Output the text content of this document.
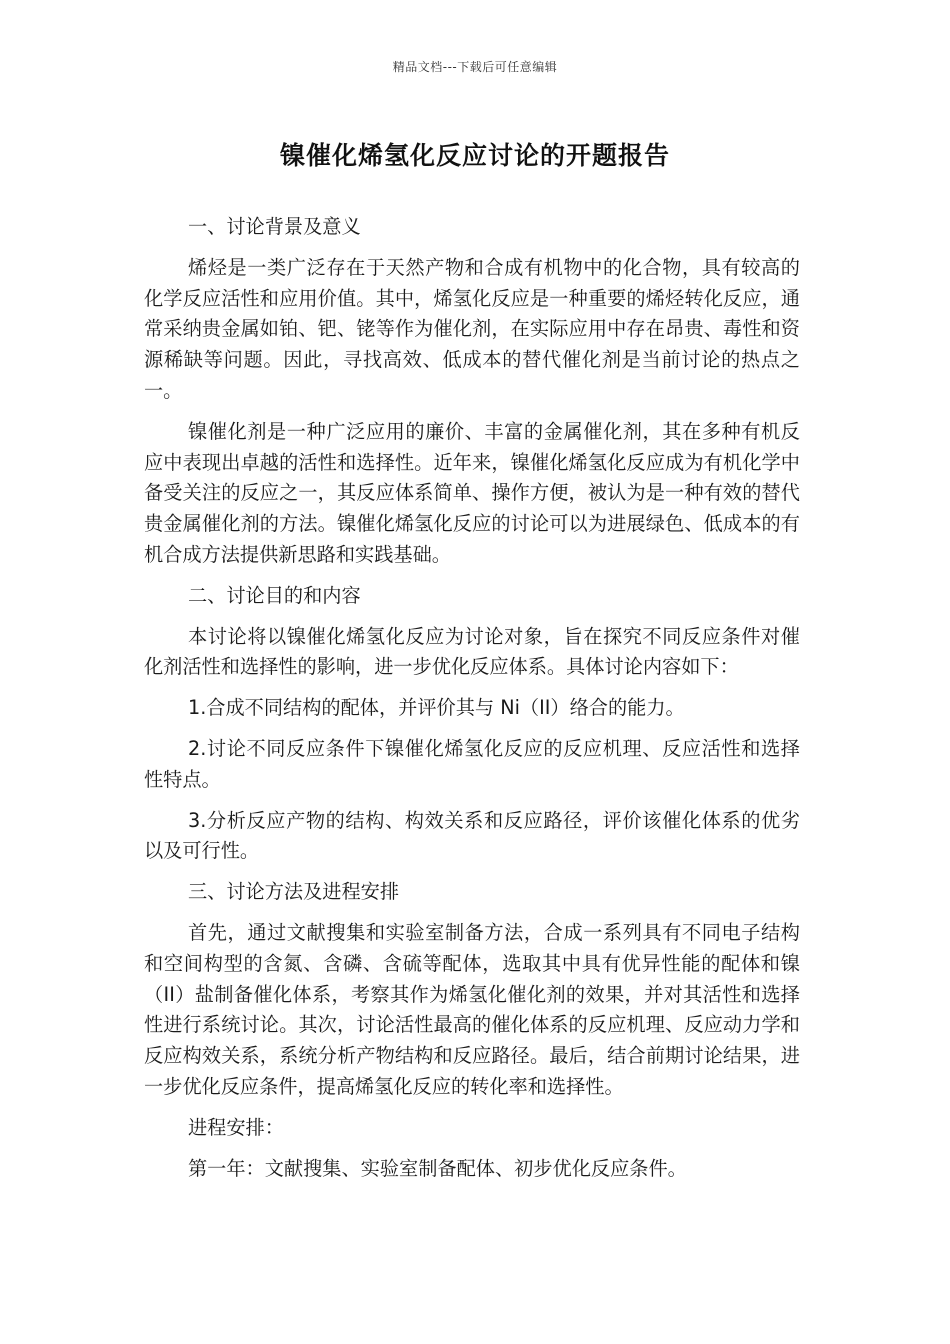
精品文档---下载后可任意编辑
镍催化烯氢化反应讨论的开题报告

一、讨论背景及意义

烯烃是一类广泛存在于天然产物和合成有机物中的化合物，具有较高的化学反应活性和应用价值。其中，烯氢化反应是一种重要的烯烃转化反应，通常采纳贵金属如铂、钯、铑等作为催化剂，在实际应用中存在昂贵、毒性和资源稀缺等问题。因此，寻找高效、低成本的替代催化剂是当前讨论的热点之一。

镍催化剂是一种广泛应用的廉价、丰富的金属催化剂，其在多种有机反应中表现出卓越的活性和选择性。近年来，镍催化烯氢化反应成为有机化学中备受关注的反应之一，其反应体系简单、操作方便，被认为是一种有效的替代贵金属催化剂的方法。镍催化烯氢化反应的讨论可以为进展绿色、低成本的有机合成方法提供新思路和实践基础。

二、讨论目的和内容

本讨论将以镍催化烯氢化反应为讨论对象，旨在探究不同反应条件对催化剂活性和选择性的影响，进一步优化反应体系。具体讨论内容如下：

1.合成不同结构的配体，并评价其与 Ni（II）络合的能力。

2.讨论不同反应条件下镍催化烯氢化反应的反应机理、反应活性和选择性特点。

3.分析反应产物的结构、构效关系和反应路径，评价该催化体系的优劣以及可行性。

三、讨论方法及进程安排

首先，通过文献搜集和实验室制备方法，合成一系列具有不同电子结构和空间构型的含氮、含磷、含硫等配体，选取其中具有优异性能的配体和镍（II）盐制备催化体系，考察其作为烯氢化催化剂的效果，并对其活性和选择性进行系统讨论。其次，讨论活性最高的催化体系的反应机理、反应动力学和反应构效关系，系统分析产物结构和反应路径。最后，结合前期讨论结果，进一步优化反应条件，提高烯氢化反应的转化率和选择性。

进程安排：

第一年：文献搜集、实验室制备配体、初步优化反应条件。
